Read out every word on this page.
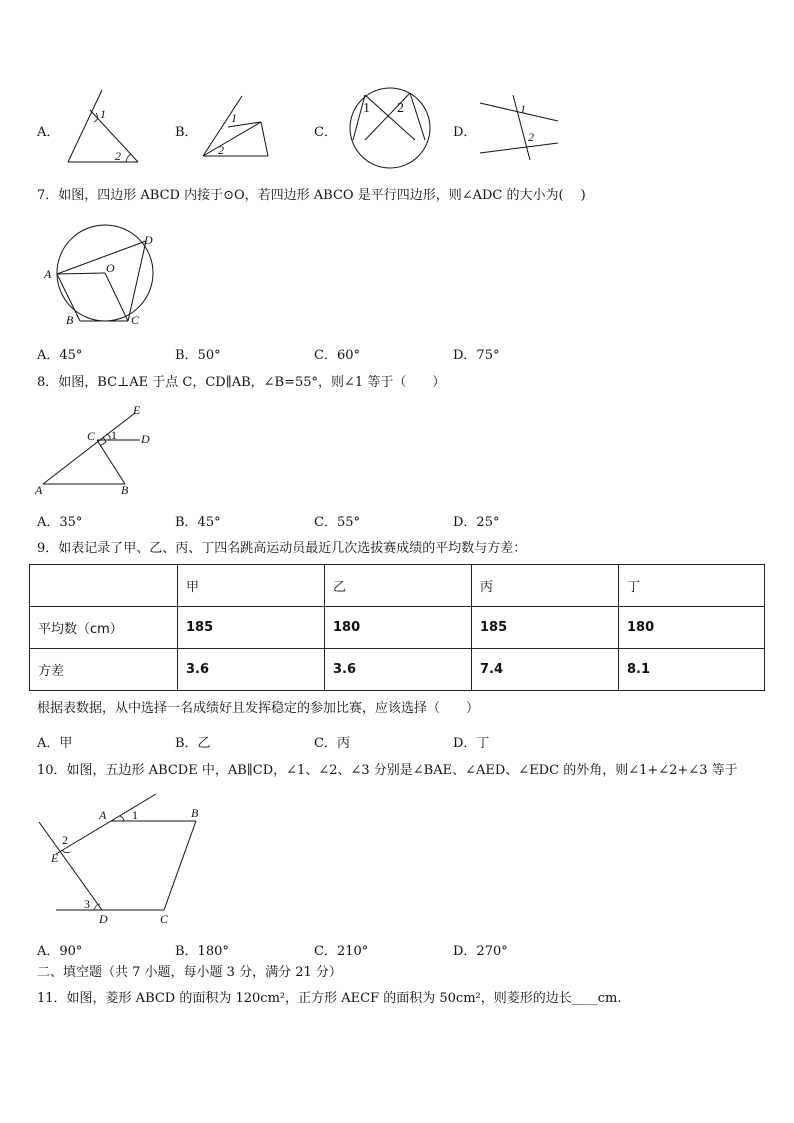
A．
1
2
B．
1
2
C．
1 2
D．
1
2
7．如图，四边形 ABCD 内接于⊙O，若四边形 ABCO 是平行四边形，则∠ADC 的大小为(　 )
A
B	C
D
O
A．45°	B．50°	C．60°	D．75°
8．如图，BC⊥AE 于点 C，CD∥AB，∠B=55°，则∠1 等于（　　）
A	B
C	D
E
1
A．35°	B．45°	C．55°	D．25°
9．如表记录了甲、乙、丙、丁四名跳高运动员最近几次选拔赛成绩的平均数与方差：
	甲	乙	丙	丁
平均数（cm）	185	180	185	180
方差	3.6	3.6	7.4	8.1
根据表数据，从中选择一名成绩好且发挥稳定的参加比赛，应该选择（　　）
A．甲	B．乙	C．丙	D．丁
10．如图，五边形 ABCDE 中，AB∥CD，∠1、∠2、∠3 分别是∠BAE、∠AED、∠EDC 的外角，则∠1+∠2+∠3 等于
A	B
C
D
E
1
2
3
A．90°	B．180°	C．210°	D．270°
二、填空题（共 7 小题，每小题 3 分，满分 21 分）
11．如图，菱形 ABCD 的面积为 120cm²，正方形 AECF 的面积为 50cm²，则菱形的边长____cm.
